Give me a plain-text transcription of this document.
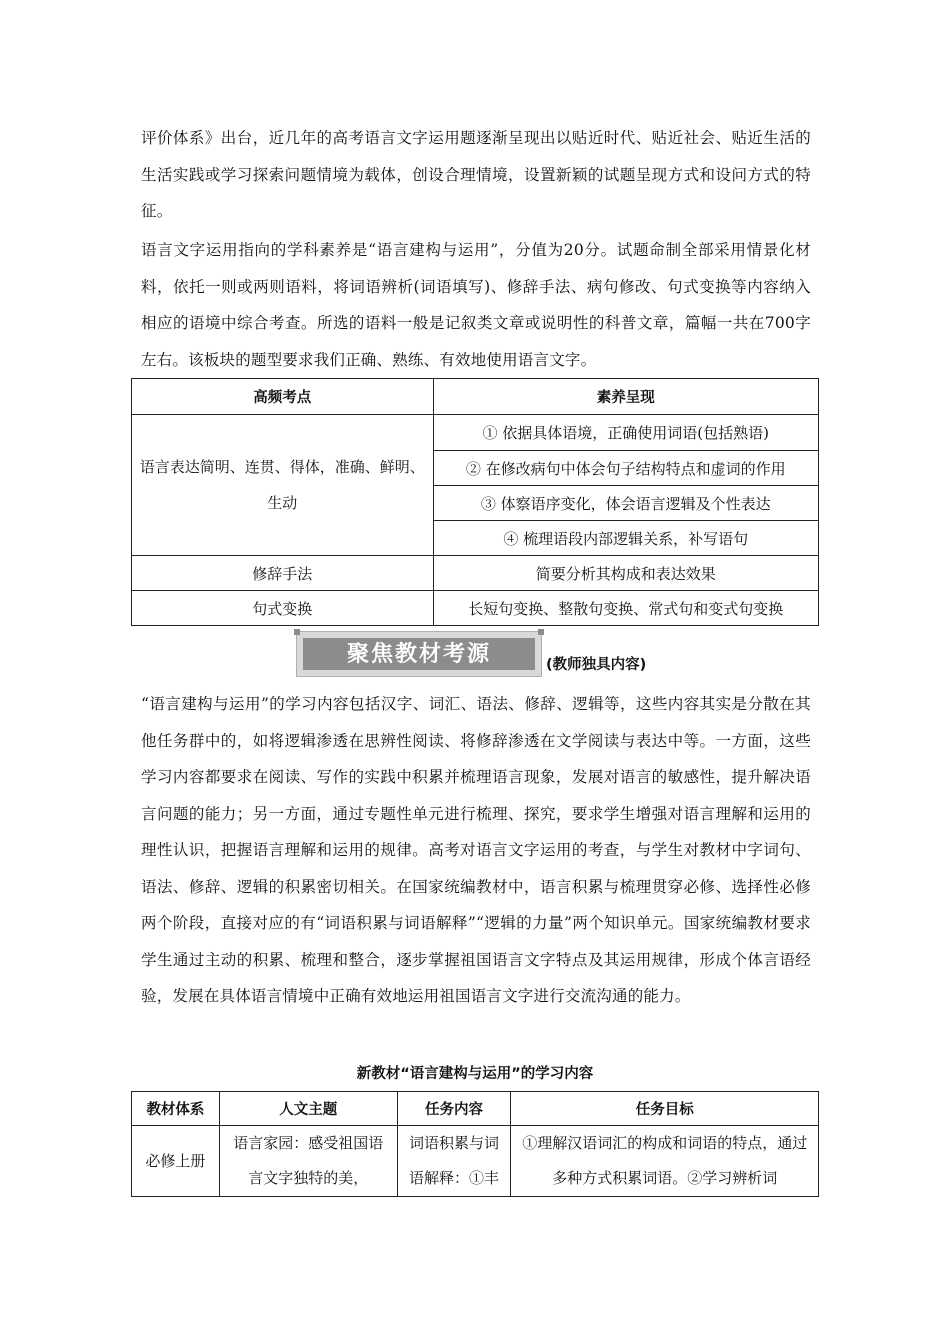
评价体系》出台，近几年的高考语言文字运用题逐渐呈现出以贴近时代、贴近社会、贴近生活的生活实践或学习探索问题情境为载体，创设合理情境，设置新颖的试题呈现方式和设问方式的特征。

语言文字运用指向的学科素养是“语言建构与运用”，分值为20分。试题命制全部采用情景化材料，依托一则或两则语料，将词语辨析(词语填写)、修辞手法、病句修改、句式变换等内容纳入相应的语境中综合考查。所选的语料一般是记叙类文章或说明性的科普文章，篇幅一共在700字左右。该板块的题型要求我们正确、熟练、有效地使用语言文字。

高频考点	素养呈现
语言表达简明、连贯、得体，准确、鲜明、生动	① 依据具体语境，正确使用词语(包括熟语)
	② 在修改病句中体会句子结构特点和虚词的作用
	③ 体察语序变化，体会语言逻辑及个性表达
	④ 梳理语段内部逻辑关系，补写语句
修辞手法	简要分析其构成和表达效果
句式变换	长短句变换、整散句变换、常式句和变式句变换
聚焦教材考源	(教师独具内容)

“语言建构与运用”的学习内容包括汉字、词汇、语法、修辞、逻辑等，这些内容其实是分散在其他任务群中的，如将逻辑渗透在思辨性阅读、将修辞渗透在文学阅读与表达中等。一方面，这些学习内容都要求在阅读、写作的实践中积累并梳理语言现象，发展对语言的敏感性，提升解决语言问题的能力；另一方面，通过专题性单元进行梳理、探究，要求学生增强对语言理解和运用的理性认识，把握语言理解和运用的规律。高考对语言文字运用的考查，与学生对教材中字词句、语法、修辞、逻辑的积累密切相关。在国家统编教材中，语言积累与梳理贯穿必修、选择性必修两个阶段，直接对应的有“词语积累与词语解释”“逻辑的力量”两个知识单元。国家统编教材要求学生通过主动的积累、梳理和整合，逐步掌握祖国语言文字特点及其运用规律，形成个体言语经验，发展在具体语言情境中正确有效地运用祖国语言文字进行交流沟通的能力。

新教材“语言建构与运用”的学习内容
教材体系	人文主题	任务内容	任务目标
必修上册	语言家园：感受祖国语言文字独特的美，	词语积累与词语解释：①丰	①理解汉语词汇的构成和词语的特点，通过多种方式积累词语。②学习辨析词
